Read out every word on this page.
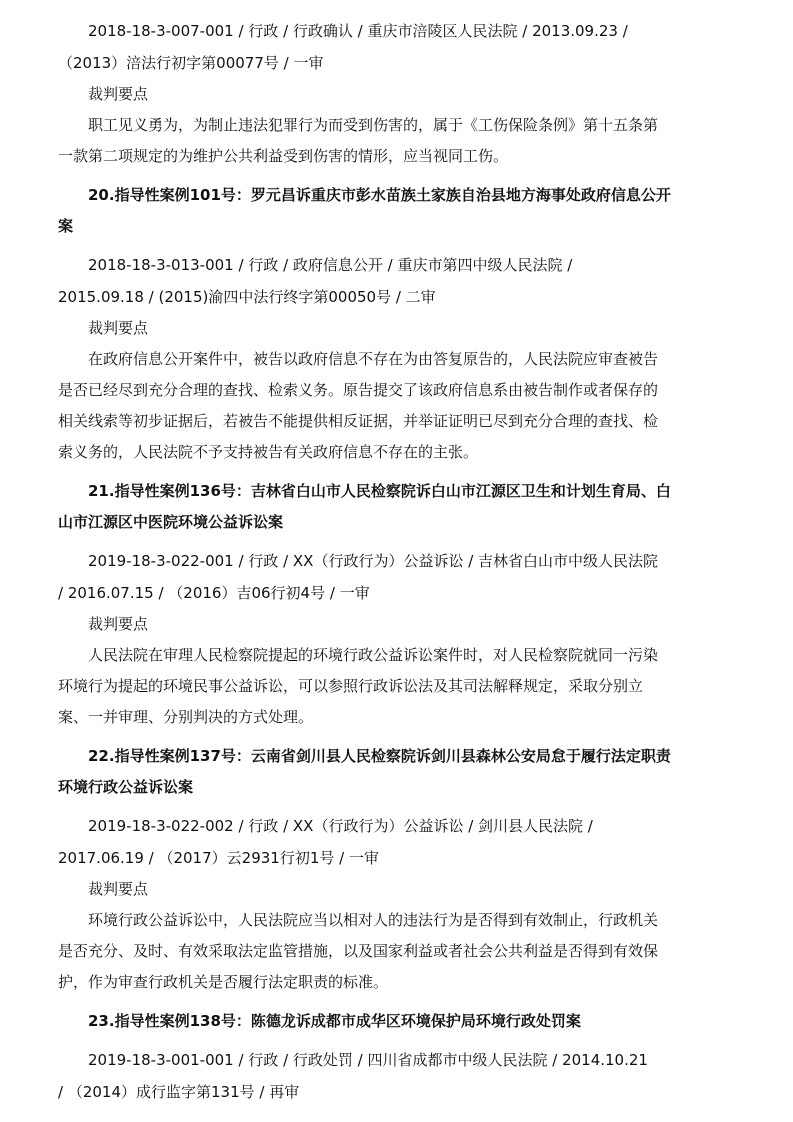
2018-18-3-007-001 / 行政 / 行政确认 / 重庆市涪陵区人民法院 / 2013.09.23 /
（2013）涪法行初字第00077号 / 一审
裁判要点
职工见义勇为，为制止违法犯罪行为而受到伤害的，属于《工伤保险条例》第十五条第
一款第二项规定的为维护公共利益受到伤害的情形，应当视同工伤。
20.指导性案例101号：罗元昌诉重庆市彭水苗族土家族自治县地方海事处政府信息公开
案
2018-18-3-013-001 / 行政 / 政府信息公开 / 重庆市第四中级人民法院 /
2015.09.18 / (2015)渝四中法行终字第00050号 / 二审
裁判要点
在政府信息公开案件中，被告以政府信息不存在为由答复原告的，人民法院应审查被告
是否已经尽到充分合理的查找、检索义务。原告提交了该政府信息系由被告制作或者保存的
相关线索等初步证据后，若被告不能提供相反证据，并举证证明已尽到充分合理的查找、检
索义务的，人民法院不予支持被告有关政府信息不存在的主张。
21.指导性案例136号：吉林省白山市人民检察院诉白山市江源区卫生和计划生育局、白
山市江源区中医院环境公益诉讼案
2019-18-3-022-001 / 行政 / XX（行政行为）公益诉讼 / 吉林省白山市中级人民法院
/ 2016.07.15 / （2016）吉06行初4号 / 一审
裁判要点
人民法院在审理人民检察院提起的环境行政公益诉讼案件时，对人民检察院就同一污染
环境行为提起的环境民事公益诉讼，可以参照行政诉讼法及其司法解释规定，采取分别立
案、一并审理、分别判决的方式处理。
22.指导性案例137号：云南省剑川县人民检察院诉剑川县森林公安局怠于履行法定职责
环境行政公益诉讼案
2019-18-3-022-002 / 行政 / XX（行政行为）公益诉讼 / 剑川县人民法院 /
2017.06.19 / （2017）云2931行初1号 / 一审
裁判要点
环境行政公益诉讼中，人民法院应当以相对人的违法行为是否得到有效制止，行政机关
是否充分、及时、有效采取法定监管措施，以及国家利益或者社会公共利益是否得到有效保
护，作为审查行政机关是否履行法定职责的标准。
23.指导性案例138号：陈德龙诉成都市成华区环境保护局环境行政处罚案
2019-18-3-001-001 / 行政 / 行政处罚 / 四川省成都市中级人民法院 / 2014.10.21
/ （2014）成行监字第131号 / 再审
